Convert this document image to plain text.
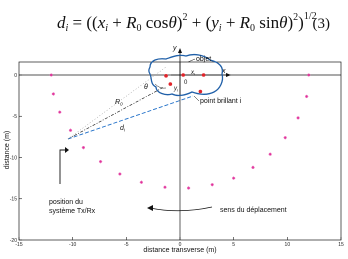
di = ((xi + R0 cosθ)$^2$ + (yi + R0 sinθ)$^2$)$^{1/2}$
(3)
-15	-10	-5	0	5	10	15
0
-5
-10
-15
-20
distance transverse (m)
distance (m)
x
y
$x_i$
0
$y_i$
θ
$R_0$
$d_i$
objet
point brillant i
position du
système Tx/Rx	sens du déplacement
